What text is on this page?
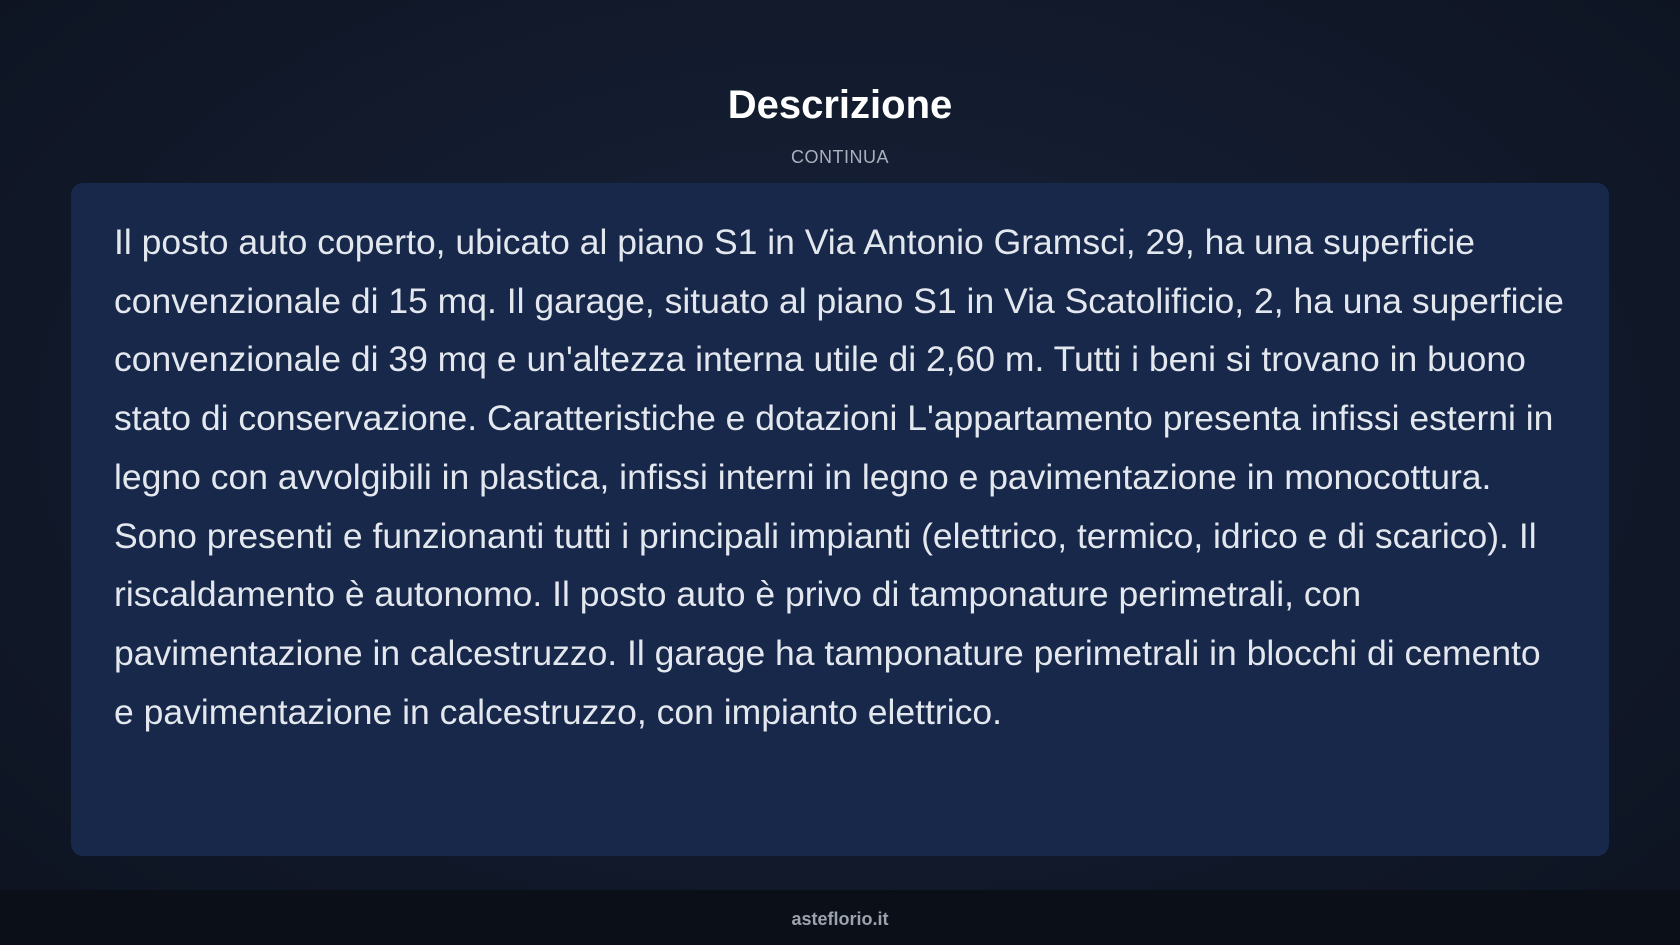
Descrizione
CONTINUA

Il posto auto coperto, ubicato al piano S1 in Via Antonio Gramsci, 29, ha una superficie convenzionale di 15 mq. Il garage, situato al piano S1 in Via Scatolificio, 2, ha una superficie convenzionale di 39 mq e un'altezza interna utile di 2,60 m. Tutti i beni si trovano in buono stato di conservazione. Caratteristiche e dotazioni L'appartamento presenta infissi esterni in legno con avvolgibili in plastica, infissi interni in legno e pavimentazione in monocottura. Sono presenti e funzionanti tutti i principali impianti (elettrico, termico, idrico e di scarico). Il riscaldamento è autonomo. Il posto auto è privo di tamponature perimetrali, con pavimentazione in calcestruzzo. Il garage ha tamponature perimetrali in blocchi di cemento e pavimentazione in calcestruzzo, con impianto elettrico.

asteflorio.it
